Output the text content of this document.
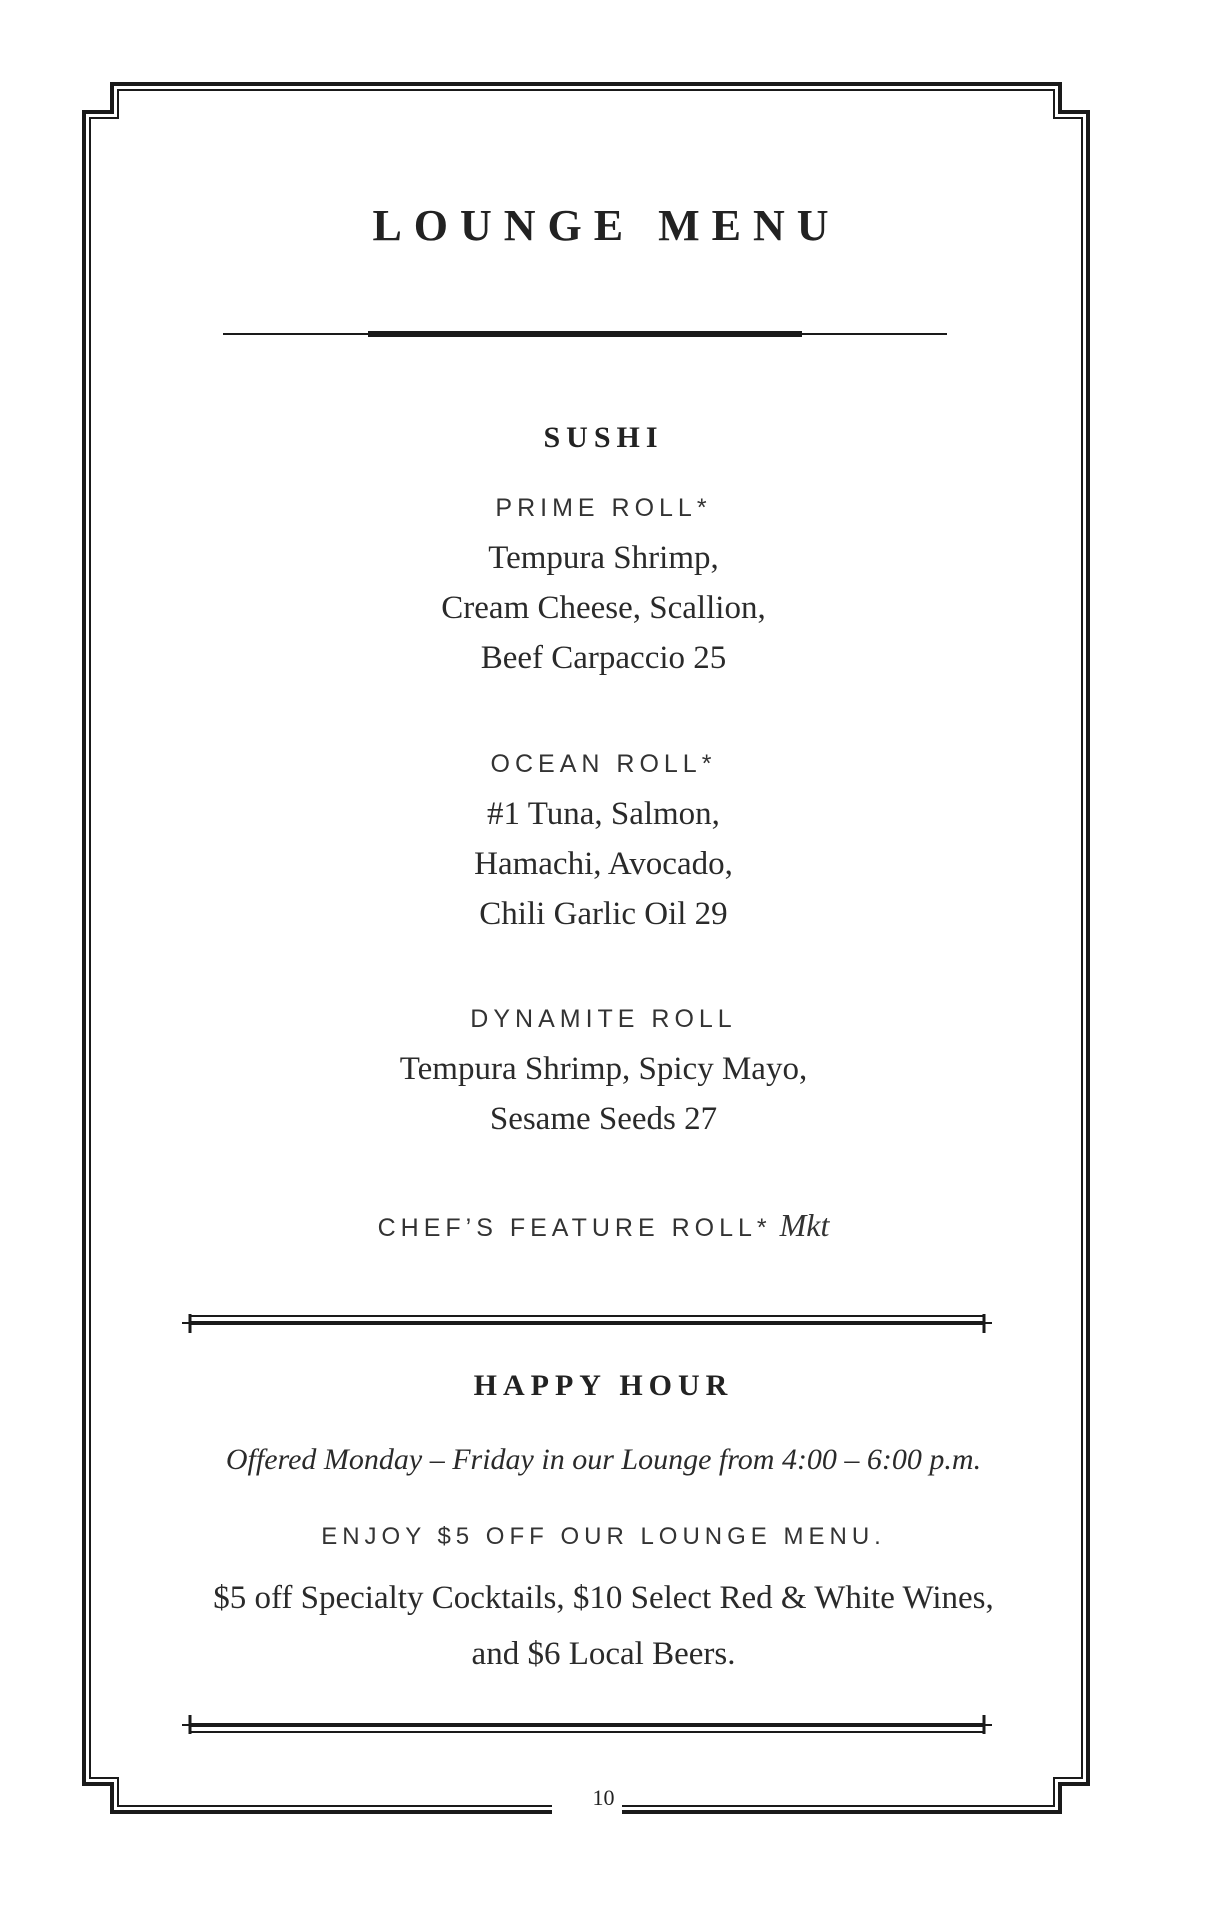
LOUNGE MENU
SUSHI
PRIME ROLL*
Tempura Shrimp,
Cream Cheese, Scallion,
Beef Carpaccio 25
OCEAN ROLL*
#1 Tuna, Salmon,
Hamachi, Avocado,
Chili Garlic Oil 29
DYNAMITE ROLL
Tempura Shrimp, Spicy Mayo,
Sesame Seeds 27
CHEF’S FEATURE ROLL* Mkt
HAPPY HOUR
Offered Monday – Friday in our Lounge from 4:00 – 6:00 p.m.
ENJOY $5 OFF OUR LOUNGE MENU.
$5 off Specialty Cocktails, $10 Select Red & White Wines,
and $6 Local Beers.
10
